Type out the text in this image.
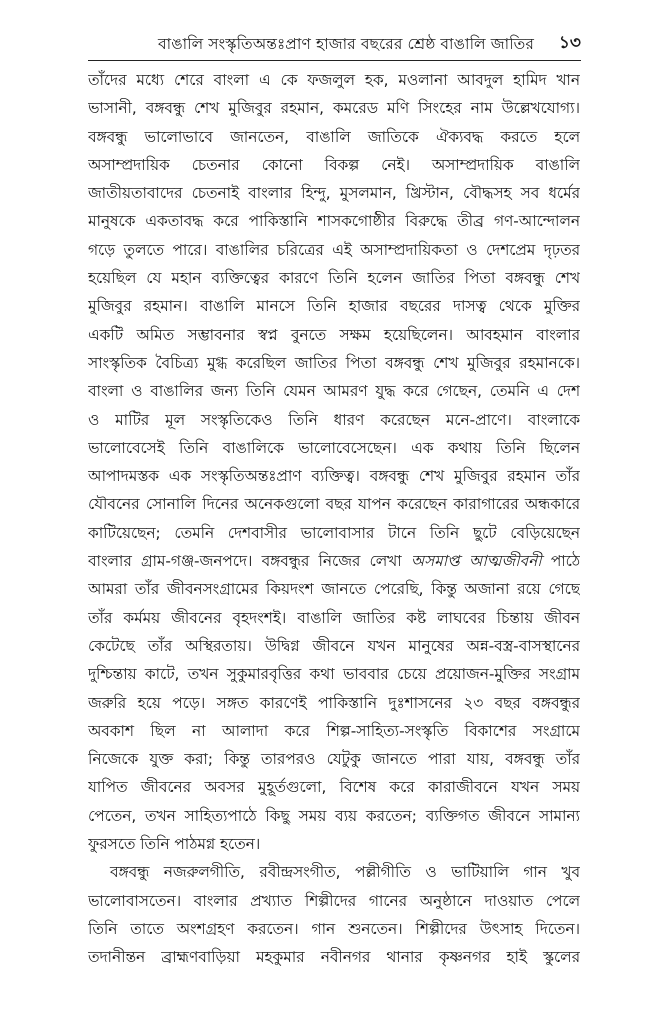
বাঙালি সংস্কৃতিঅন্তঃপ্রাণ হাজার বছরের শ্রেষ্ঠ বাঙালি জাতির ১৩
তাঁদের মধ্যে শেরে বাংলা এ কে ফজলুল হক, মওলানা আবদুল হামিদ খান
ভাসানী, বঙ্গবন্ধু শেখ মুজিবুর রহমান, কমরেড মণি সিংহের নাম উল্লেখযোগ্য।
বঙ্গবন্ধু ভালোভাবে জানতেন, বাঙালি জাতিকে ঐক্যবদ্ধ করতে হলে
অসাম্প্রদায়িক চেতনার কোনো বিকল্প নেই। অসাম্প্রদায়িক বাঙালি
জাতীয়তাবাদের চেতনাই বাংলার হিন্দু, মুসলমান, খ্রিস্টান, বৌদ্ধসহ সব ধর্মের
মানুষকে একতাবদ্ধ করে পাকিস্তানি শাসকগোষ্ঠীর বিরুদ্ধে তীব্র গণ-আন্দোলন
গড়ে তুলতে পারে। বাঙালির চরিত্রের এই অসাম্প্রদায়িকতা ও দেশপ্রেম দৃঢ়তর
হয়েছিল যে মহান ব্যক্তিত্বের কারণে তিনি হলেন জাতির পিতা বঙ্গবন্ধু শেখ
মুজিবুর রহমান। বাঙালি মানসে তিনি হাজার বছরের দাসত্ব থেকে মুক্তির
একটি অমিত সম্ভাবনার স্বপ্ন বুনতে সক্ষম হয়েছিলেন। আবহমান বাংলার
সাংস্কৃতিক বৈচিত্র্য মুগ্ধ করেছিল জাতির পিতা বঙ্গবন্ধু শেখ মুজিবুর রহমানকে।
বাংলা ও বাঙালির জন্য তিনি যেমন আমরণ যুদ্ধ করে গেছেন, তেমনি এ দেশ
ও মাটির মূল সংস্কৃতিকেও তিনি ধারণ করেছেন মনে-প্রাণে। বাংলাকে
ভালোবেসেই তিনি বাঙালিকে ভালোবেসেছেন। এক কথায় তিনি ছিলেন
আপাদমস্তক এক সংস্কৃতিঅন্তঃপ্রাণ ব্যক্তিত্ব। বঙ্গবন্ধু শেখ মুজিবুর রহমান তাঁর
যৌবনের সোনালি দিনের অনেকগুলো বছর যাপন করেছেন কারাগারের অন্ধকারে
কাটিয়েছেন; তেমনি দেশবাসীর ভালোবাসার টানে তিনি ছুটে বেড়িয়েছেন
বাংলার গ্রাম-গঞ্জ-জনপদে। বঙ্গবন্ধুর নিজের লেখা অসমাপ্ত আত্মজীবনী পাঠে
আমরা তাঁর জীবনসংগ্রামের কিয়দংশ জানতে পেরেছি, কিন্তু অজানা রয়ে গেছে
তাঁর কর্মময় জীবনের বৃহদংশই। বাঙালি জাতির কষ্ট লাঘবের চিন্তায় জীবন
কেটেছে তাঁর অস্থিরতায়। উদ্বিগ্ন জীবনে যখন মানুষের অন্ন-বস্ত্র-বাসস্থানের
দুশ্চিন্তায় কাটে, তখন সুকুমারবৃত্তির কথা ভাববার চেয়ে প্রয়োজন-মুক্তির সংগ্রাম
জরুরি হয়ে পড়ে। সঙ্গত কারণেই পাকিস্তানি দুঃশাসনের ২৩ বছর বঙ্গবন্ধুর
অবকাশ ছিল না আলাদা করে শিল্প-সাহিত্য-সংস্কৃতি বিকাশের সংগ্রামে
নিজেকে যুক্ত করা; কিন্তু তারপরও যেটুকু জানতে পারা যায়, বঙ্গবন্ধু তাঁর
যাপিত জীবনের অবসর মুহূর্তগুলো, বিশেষ করে কারাজীবনে যখন সময়
পেতেন, তখন সাহিত্যপাঠে কিছু সময় ব্যয় করতেন; ব্যক্তিগত জীবনে সামান্য
ফুরসতে তিনি পাঠমগ্ন হতেন।
বঙ্গবন্ধু নজরুলগীতি, রবীন্দ্রসংগীত, পল্লীগীতি ও ভাটিয়ালি গান খুব
ভালোবাসতেন। বাংলার প্রখ্যাত শিল্পীদের গানের অনুষ্ঠানে দাওয়াত পেলে
তিনি তাতে অংশগ্রহণ করতেন। গান শুনতেন। শিল্পীদের উৎসাহ দিতেন।
তদানীন্তন ব্রাহ্মণবাড়িয়া মহকুমার নবীনগর থানার কৃষ্ণনগর হাই স্কুলের
